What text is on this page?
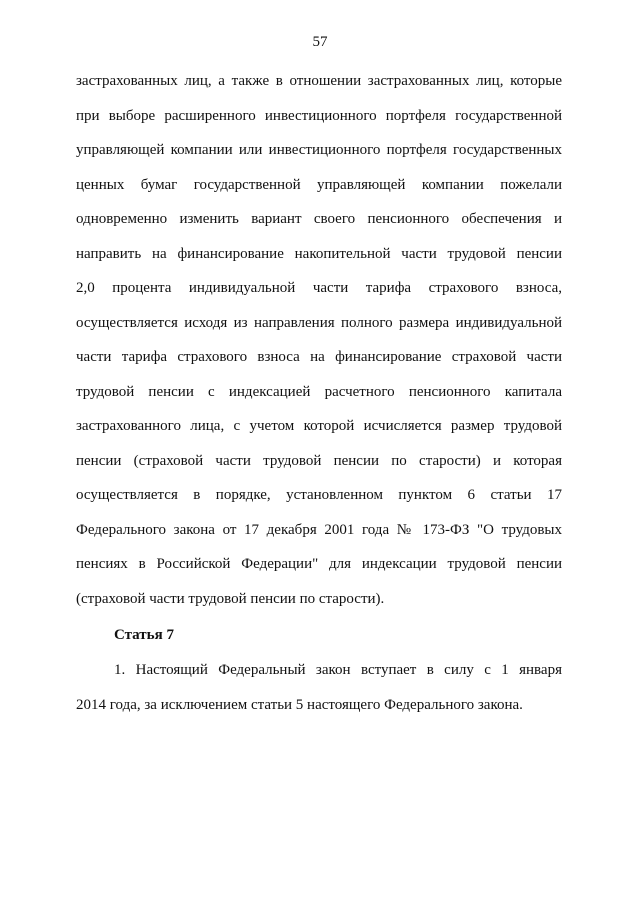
57
застрахованных лиц, а также в отношении застрахованных лиц, которые
при выборе расширенного инвестиционного портфеля государственной
управляющей компании или инвестиционного портфеля государственных
ценных бумаг государственной управляющей компании пожелали
одновременно изменить вариант своего пенсионного обеспечения и
направить на финансирование накопительной части трудовой пенсии
2,0 процента индивидуальной части тарифа страхового взноса,
осуществляется исходя из направления полного размера индивидуальной
части тарифа страхового взноса на финансирование страховой части
трудовой пенсии с индексацией расчетного пенсионного капитала
застрахованного лица, с учетом которой исчисляется размер трудовой
пенсии (страховой части трудовой пенсии по старости) и которая
осуществляется в порядке, установленном пунктом 6 статьи 17
Федерального закона от 17 декабря 2001 года № 173-ФЗ "О трудовых
пенсиях в Российской Федерации" для индексации трудовой пенсии
(страховой части трудовой пенсии по старости).
Статья 7
1. Настоящий Федеральный закон вступает в силу с 1 января
2014 года, за исключением статьи 5 настоящего Федерального закона.
